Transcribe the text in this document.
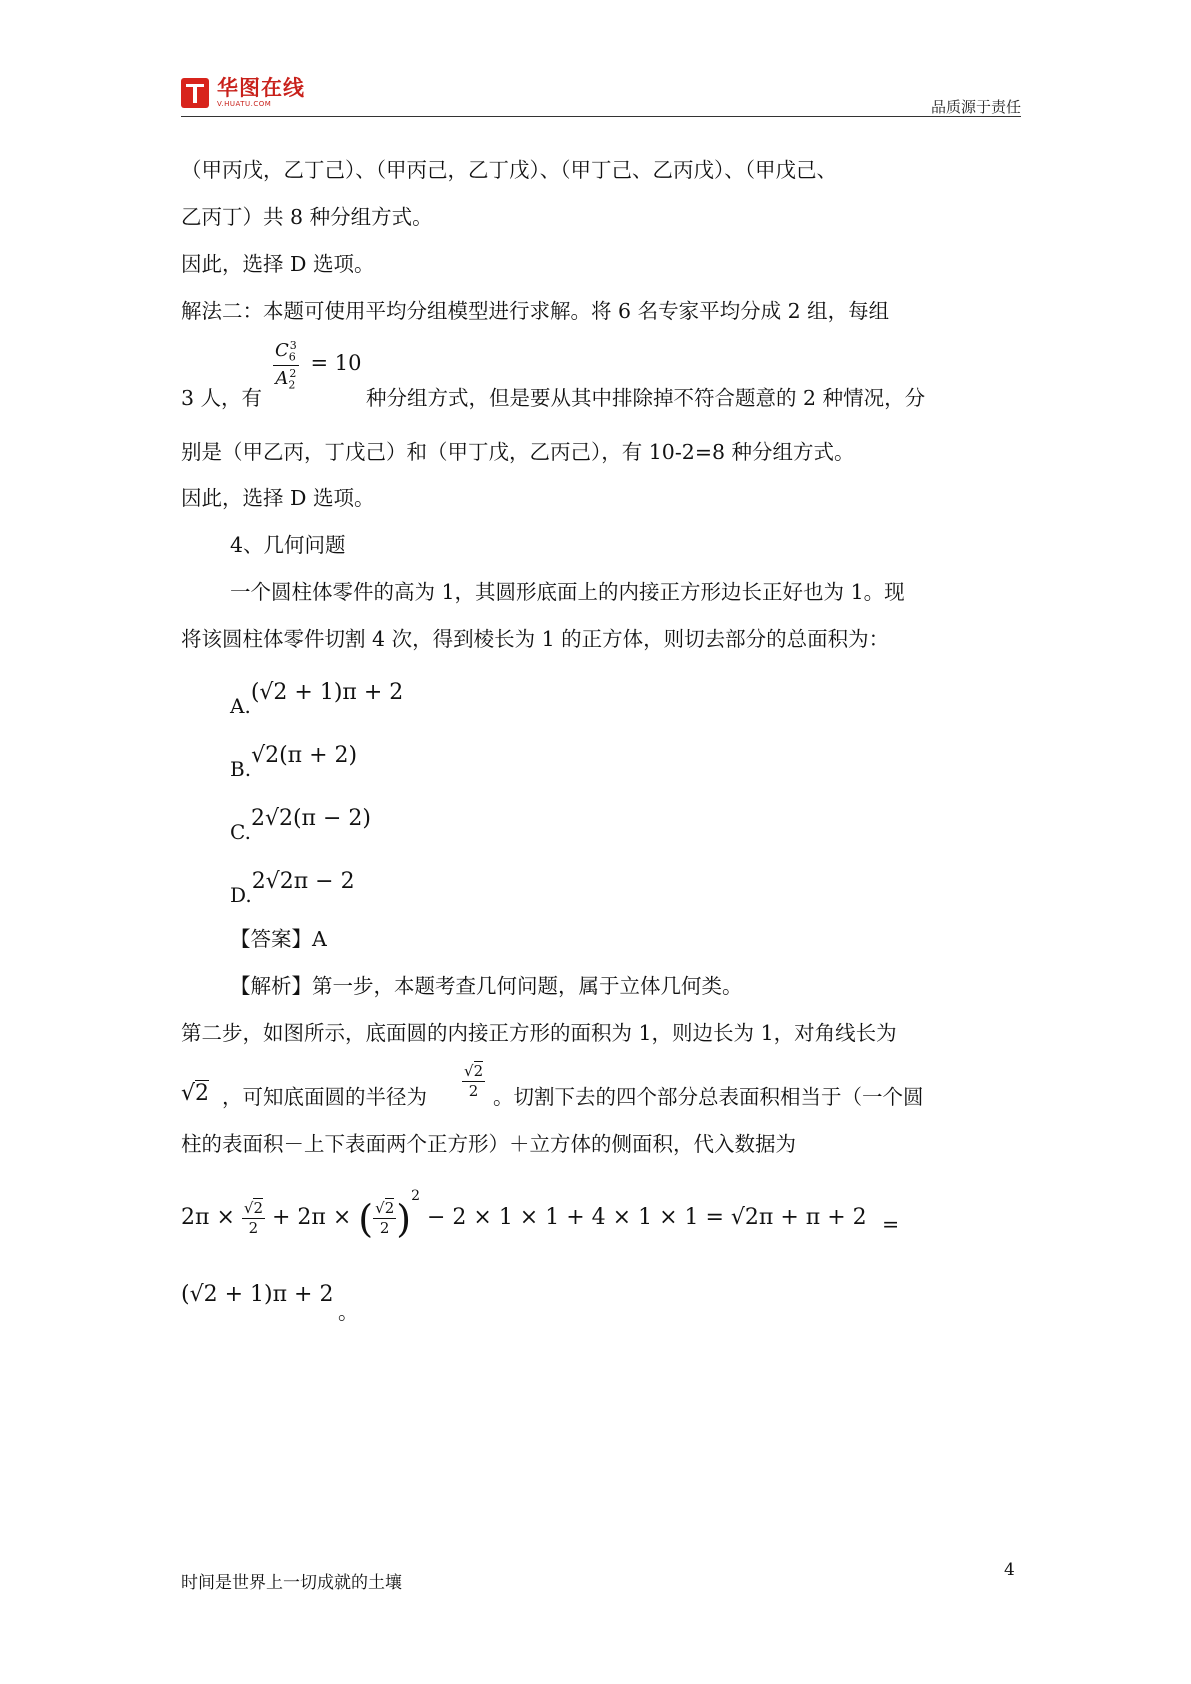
华图在线
V.HUATU.COM	品质源于责任
（甲丙戊，乙丁己）、（甲丙己，乙丁戊）、（甲丁己、乙丙戊）、（甲戊己、
乙丙丁）共 8 种分组方式。
因此，选择 D 选项。
解法二：本题可使用平均分组模型进行求解。将 6 名专家平均分成 2 组，每组
3 人，有
$\frac{C_6^3}{A_2^2} = 10$
种分组方式，但是要从其中排除掉不符合题意的 2 种情况，分
别是（甲乙丙，丁戊己）和（甲丁戊，乙丙己），有 10-2=8 种分组方式。
因此，选择 D 选项。
4、几何问题
一个圆柱体零件的高为 1，其圆形底面上的内接正方形边长正好也为 1。现
将该圆柱体零件切割 4 次，得到棱长为 1 的正方体，则切去部分的总面积为：
A.(√2 + 1)π + 2
B.√2(π + 2)
C.2√2(π − 2)
D.2√2π − 2
【答案】A
【解析】第一步，本题考查几何问题，属于立体几何类。
第二步，如图所示，底面圆的内接正方形的面积为 1，则边长为 1，对角线长为
√2 ，可知底面圆的半径为 $\frac{√2}{2}$ 。切割下去的四个部分总表面积相当于（一个圆
柱的表面积－上下表面两个正方形）＋立方体的侧面积，代入数据为
$2\pi \times \frac{√2}{2} + 2\pi$ × ( $\frac{√2}{2} )^2 - 2 \times 1 \times 1 + 4 \times 1 \times 1 = √2\pi + \pi + 2$ =
(√2 + 1)π + 2
。
时间是世界上一切成就的土壤
4
